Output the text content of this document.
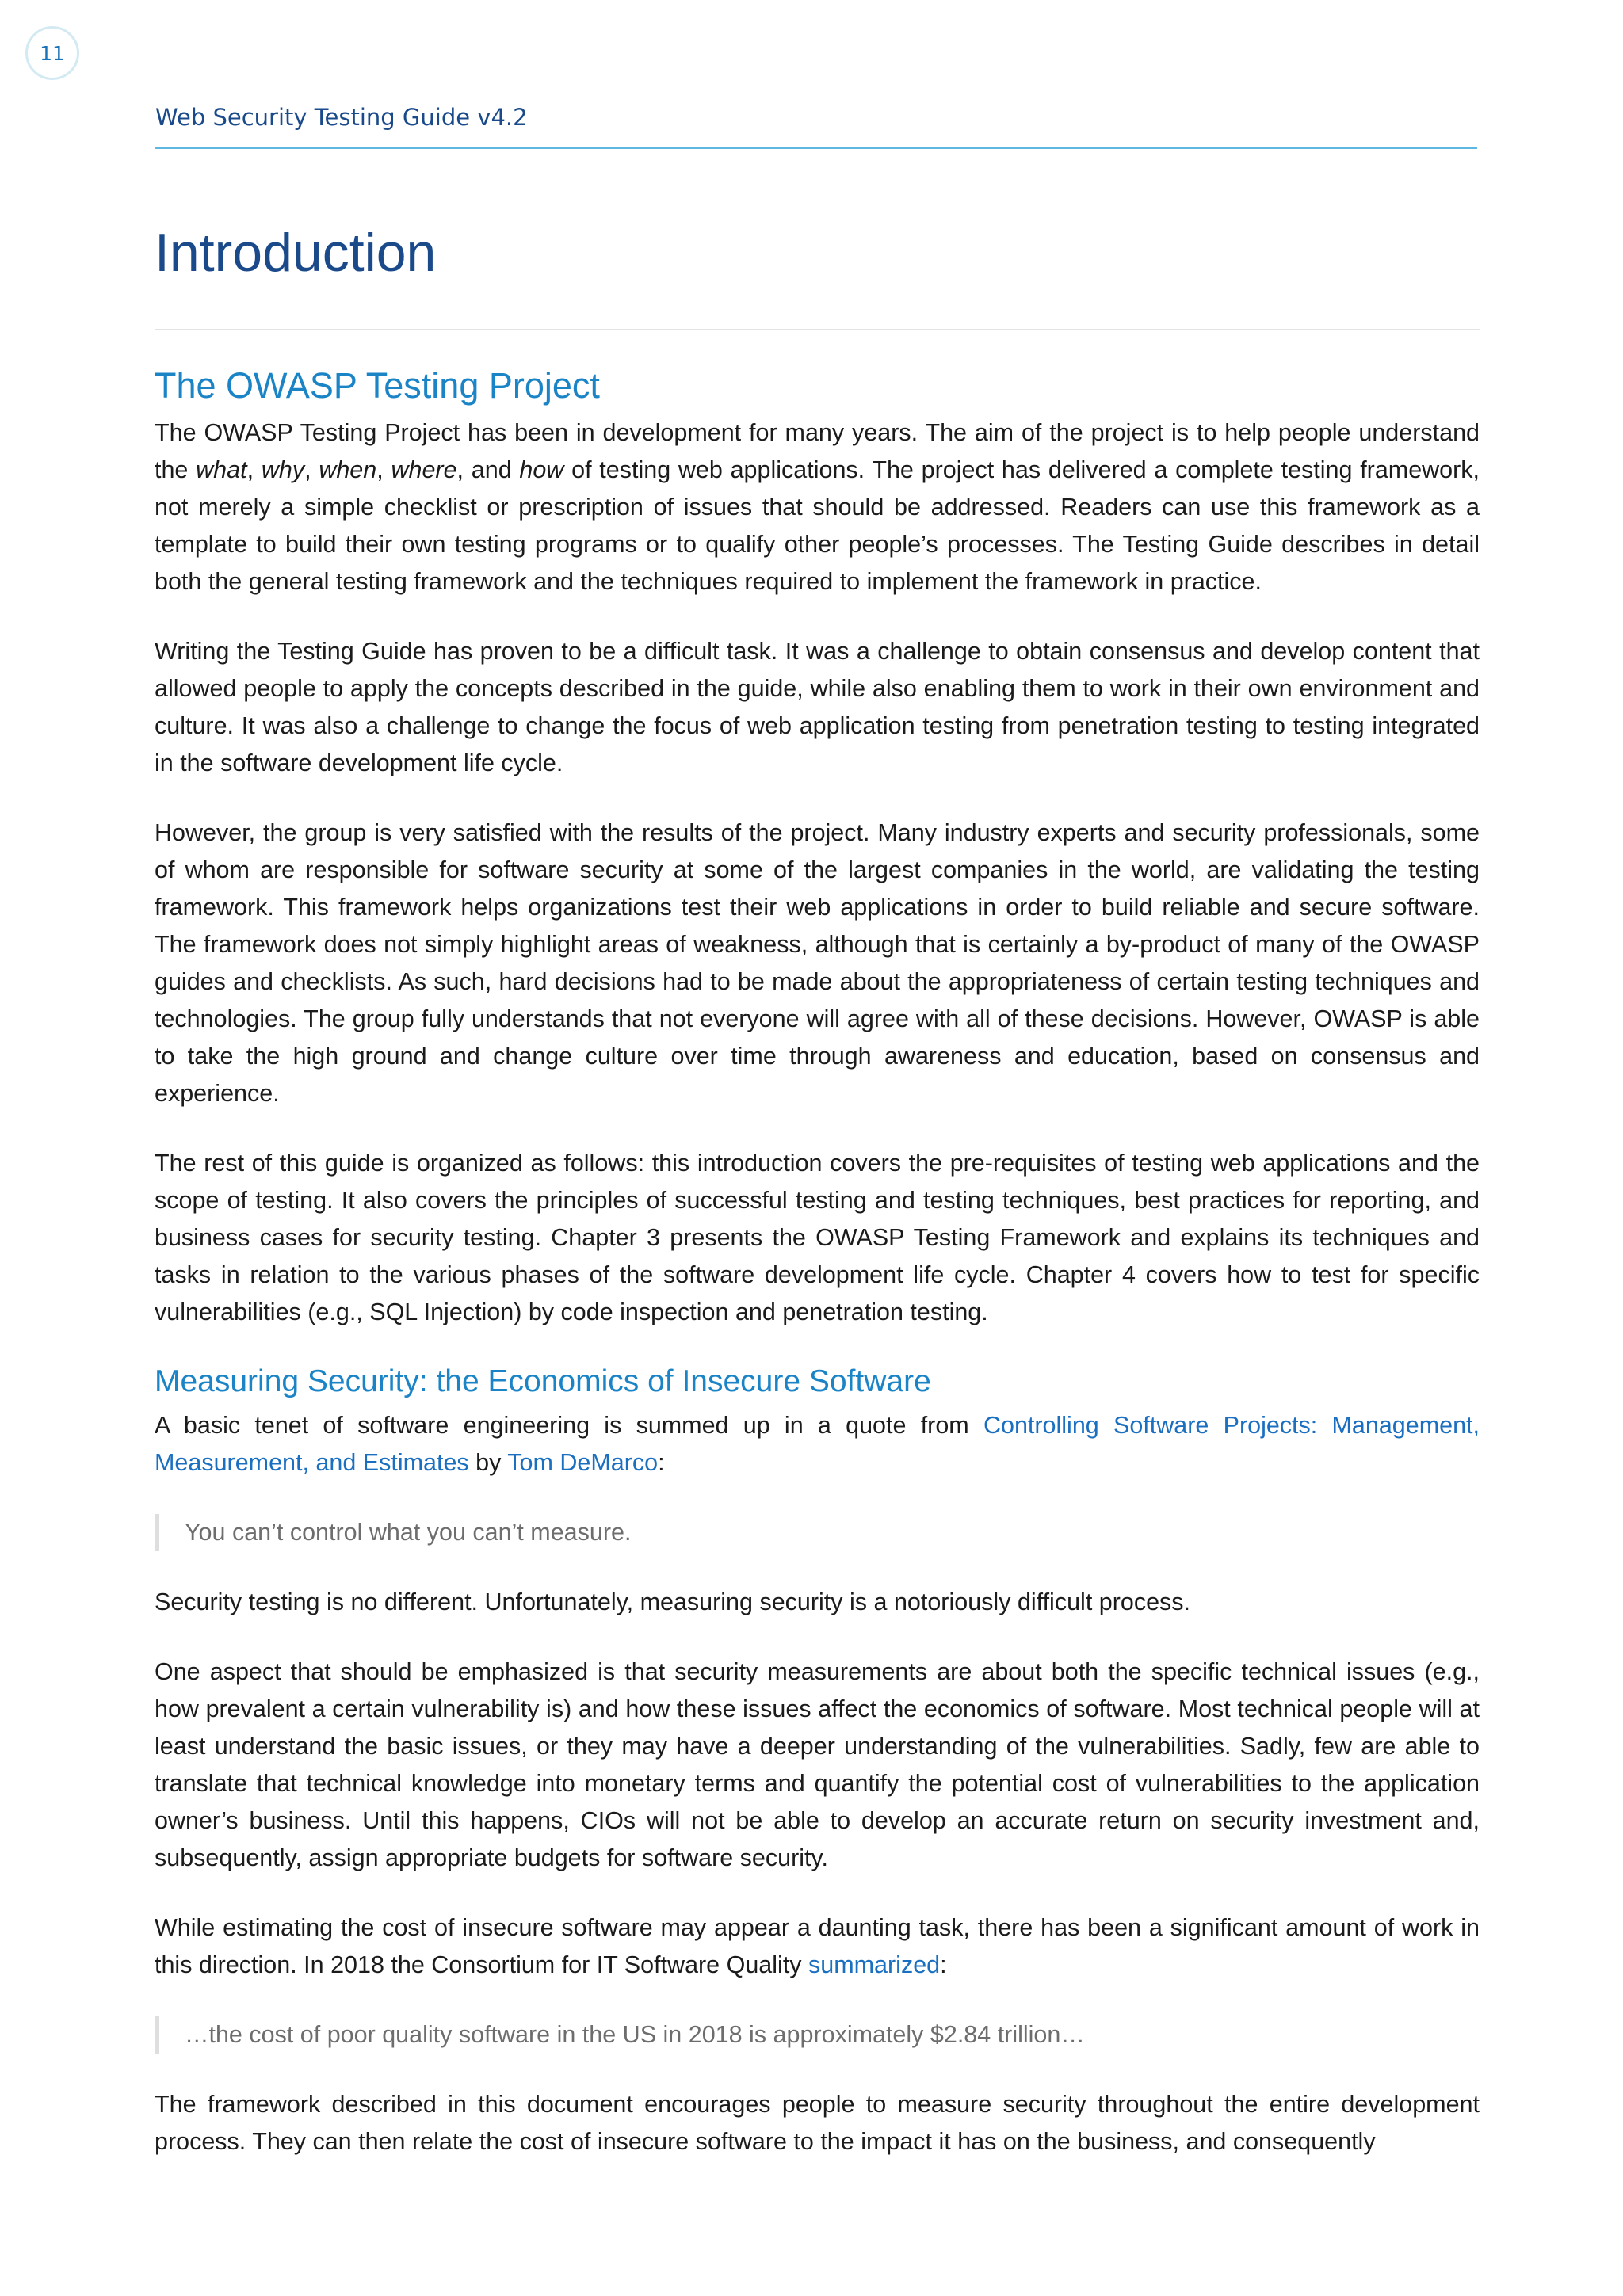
11
Web Security Testing Guide v4.2
Introduction
The OWASP Testing Project

The OWASP Testing Project has been in development for many years. The aim of the project is to help people understand the what, why, when, where, and how of testing web applications. The project has delivered a complete testing framework, not merely a simple checklist or prescription of issues that should be addressed. Readers can use this framework as a template to build their own testing programs or to qualify other people’s processes. The Testing Guide describes in detail both the general testing framework and the techniques required to implement the framework in practice.

Writing the Testing Guide has proven to be a difficult task. It was a challenge to obtain consensus and develop content that allowed people to apply the concepts described in the guide, while also enabling them to work in their own environment and culture. It was also a challenge to change the focus of web application testing from penetration testing to testing integrated in the software development life cycle.

However, the group is very satisfied with the results of the project. Many industry experts and security professionals, some of whom are responsible for software security at some of the largest companies in the world, are validating the testing framework. This framework helps organizations test their web applications in order to build reliable and secure software. The framework does not simply highlight areas of weakness, although that is certainly a by-product of many of the OWASP guides and checklists. As such, hard decisions had to be made about the appropriateness of certain testing techniques and technologies. The group fully understands that not everyone will agree with all of these decisions. However, OWASP is able to take the high ground and change culture over time through awareness and education, based on consensus and experience.

The rest of this guide is organized as follows: this introduction covers the pre-requisites of testing web applications and the scope of testing. It also covers the principles of successful testing and testing techniques, best practices for reporting, and business cases for security testing. Chapter 3 presents the OWASP Testing Framework and explains its techniques and tasks in relation to the various phases of the software development life cycle. Chapter 4 covers how to test for specific vulnerabilities (e.g., SQL Injection) by code inspection and penetration testing.

Measuring Security: the Economics of Insecure Software

A basic tenet of software engineering is summed up in a quote from Controlling Software Projects: Management, Measurement, and Estimates by Tom DeMarco:

You can’t control what you can’t measure.

Security testing is no different. Unfortunately, measuring security is a notoriously difficult process.

One aspect that should be emphasized is that security measurements are about both the specific technical issues (e.g., how prevalent a certain vulnerability is) and how these issues affect the economics of software. Most technical people will at least understand the basic issues, or they may have a deeper understanding of the vulnerabilities. Sadly, few are able to translate that technical knowledge into monetary terms and quantify the potential cost of vulnerabilities to the application owner’s business. Until this happens, CIOs will not be able to develop an accurate return on security investment and, subsequently, assign appropriate budgets for software security.

While estimating the cost of insecure software may appear a daunting task, there has been a significant amount of work in this direction. In 2018 the Consortium for IT Software Quality summarized:

…the cost of poor quality software in the US in 2018 is approximately $2.84 trillion…

The framework described in this document encourages people to measure security throughout the entire development process. They can then relate the cost of insecure software to the impact it has on the business, and consequently
